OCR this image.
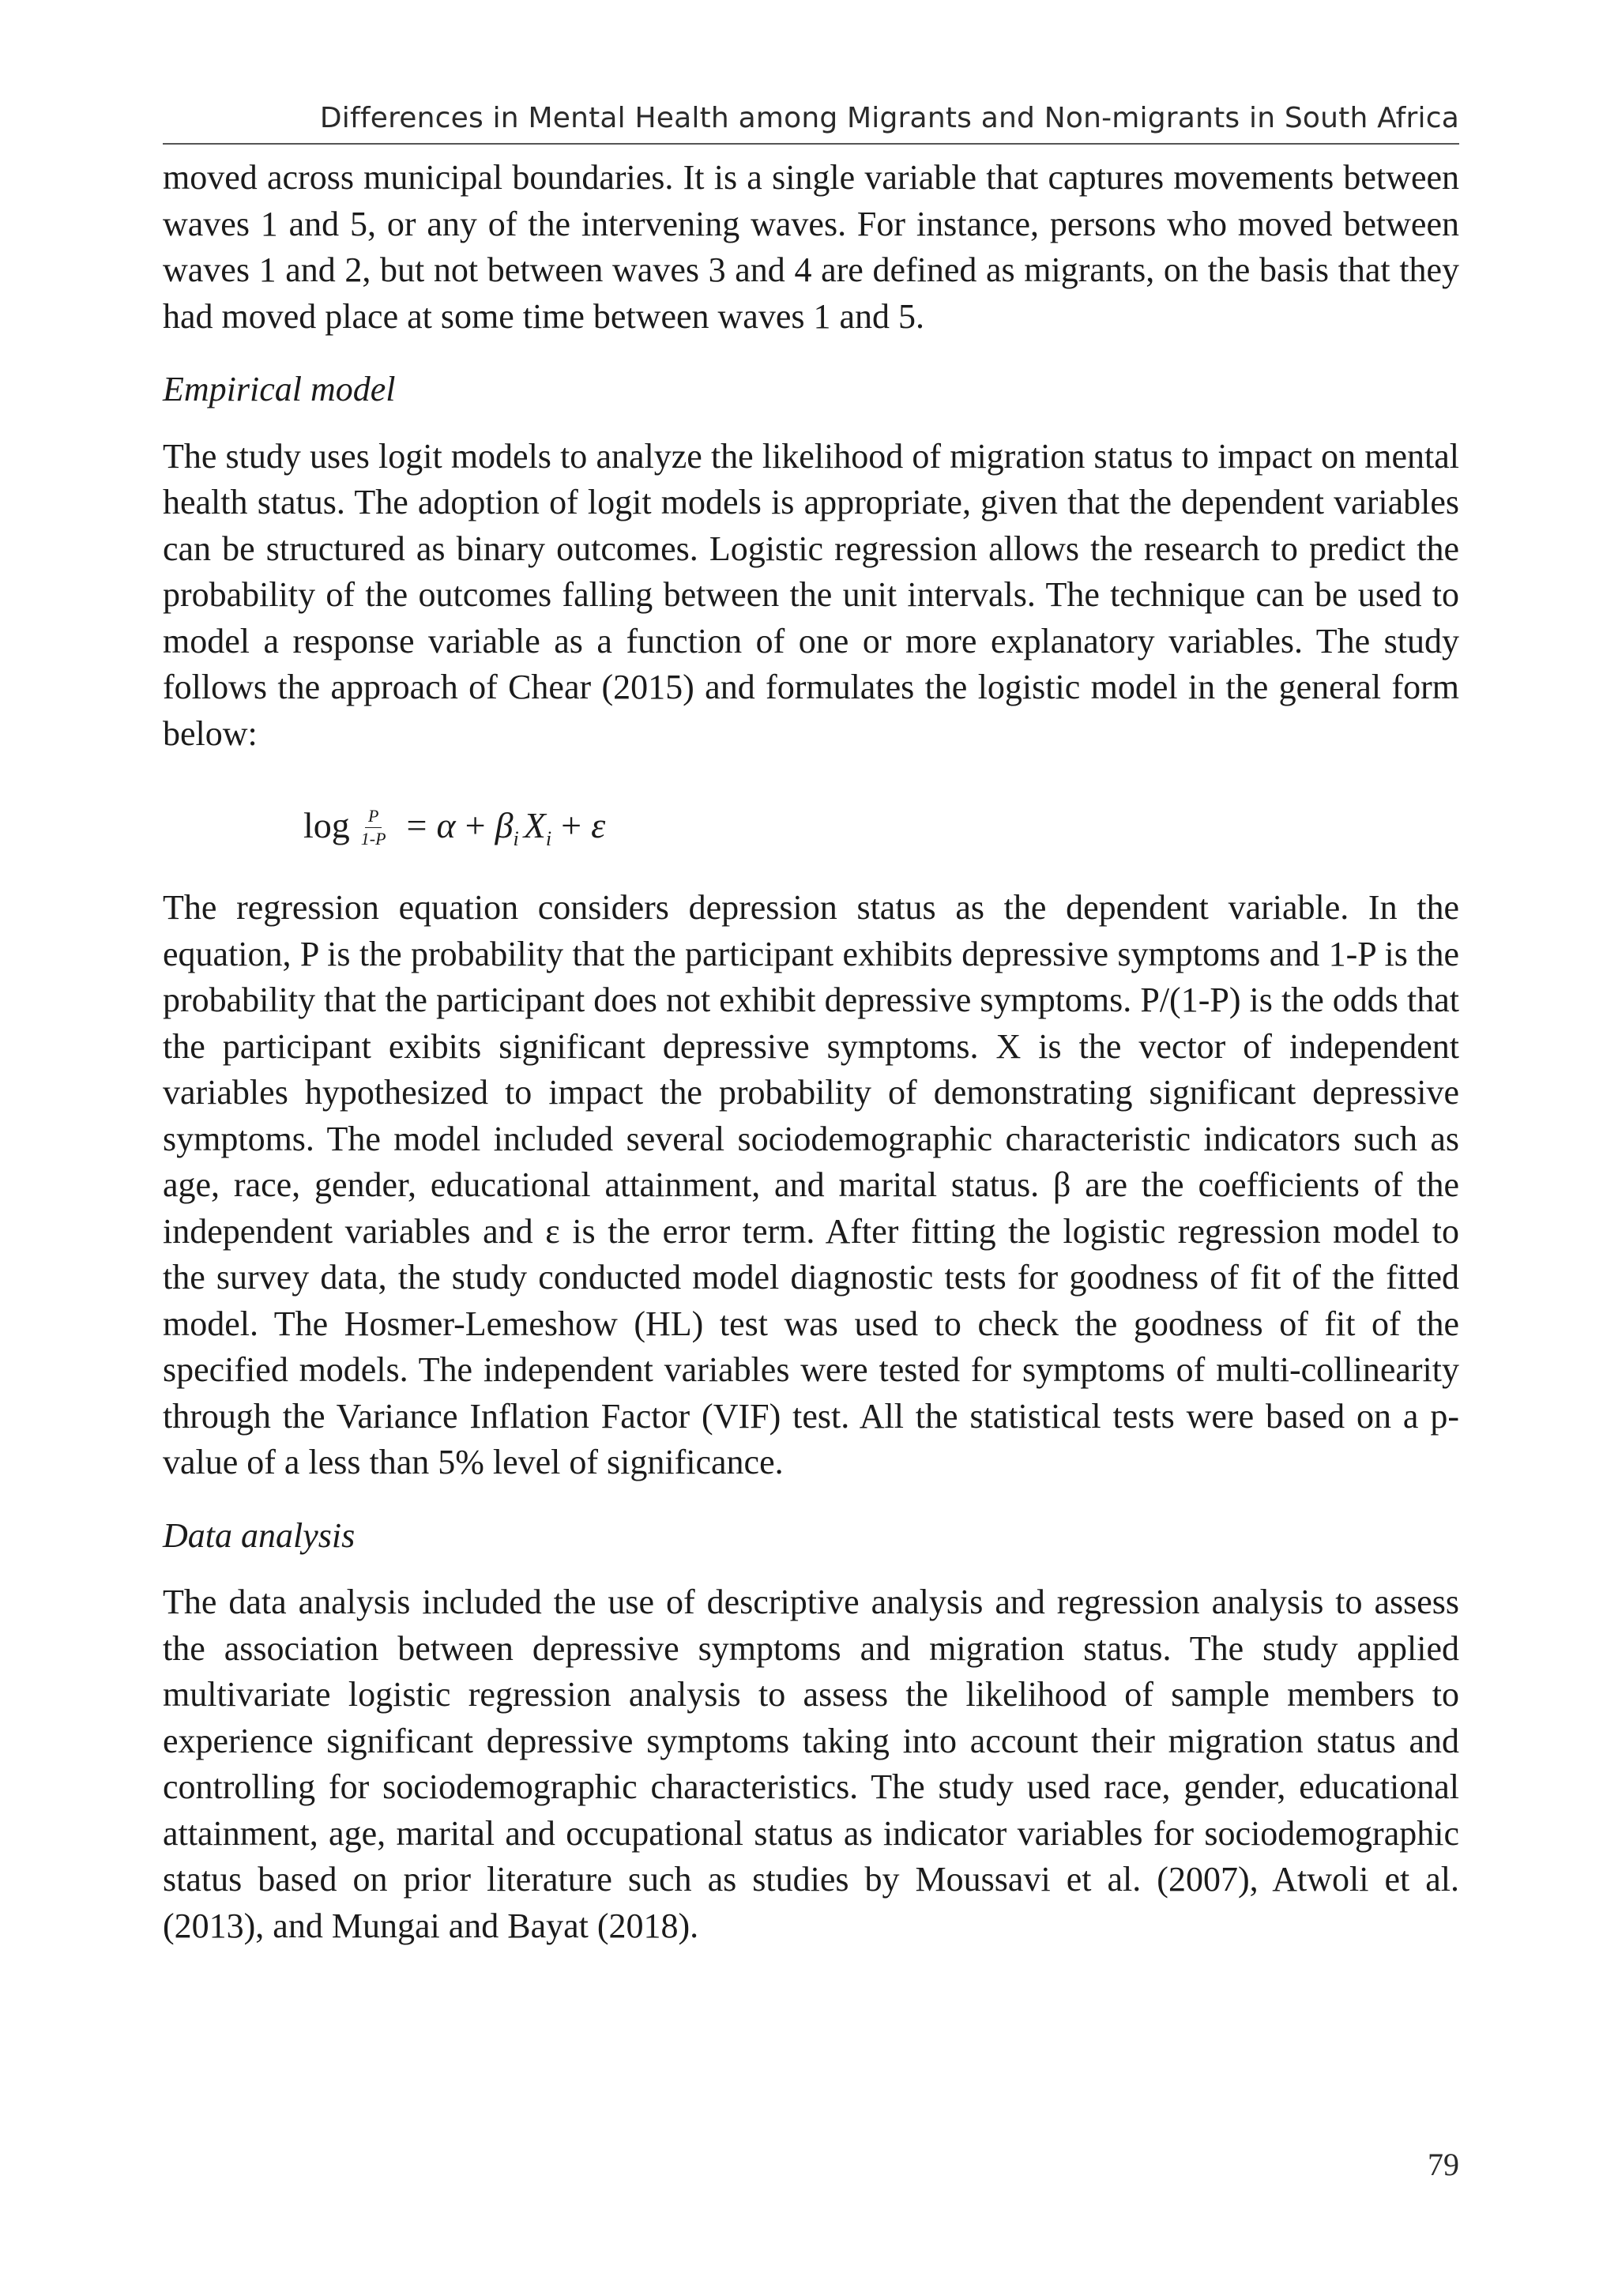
Differences in Mental Health among Migrants and Non-migrants in South Africa

moved across municipal boundaries. It is a single variable that captures movements between waves 1 and 5, or any of the intervening waves. For instance, persons who moved between waves 1 and 2, but not between waves 3 and 4 are defined as migrants, on the basis that they had moved place at some time between waves 1 and 5.

Empirical model

The study uses logit models to analyze the likelihood of migration status to impact on mental health status. The adoption of logit models is appropriate, given that the dependent variables can be structured as binary outcomes. Logistic regression allows the research to predict the probability of the outcomes falling between the unit intervals. The technique can be used to model a response variable as a function of one or more explanatory variables. The study follows the approach of Chear (2015) and formulates the logistic model in the general form below:

$\log \frac{P}{1-P} = \alpha + \beta_i$ $X_i + \varepsilon$

The regression equation considers depression status as the dependent variable. In the equation, P is the probability that the participant exhibits depressive symptoms and 1-P is the probability that the participant does not exhibit depressive symptoms. P/(1-P) is the odds that the participant exibits significant depressive symptoms. X is the vector of independent variables hypothesized to impact the probability of demonstrating significant depressive symptoms. The model included several sociodemographic characteristic indicators such as age, race, gender, educational attainment, and marital status. β are the coefficients of the independent variables and ε is the error term. After fitting the logistic regression model to the survey data, the study conducted model diagnostic tests for goodness of fit of the fitted model. The Hosmer-Lemeshow (HL) test was used to check the goodness of fit of the specified models. The independent variables were tested for symptoms of multi-collinearity through the Variance Inflation Factor (VIF) test. All the statistical tests were based on a p-value of a less than 5% level of significance.

Data analysis

The data analysis included the use of descriptive analysis and regression analysis to assess the association between depressive symptoms and migration status. The study applied multivariate logistic regression analysis to assess the likelihood of sample members to experience significant depressive symptoms taking into account their migration status and controlling for sociodemographic characteristics. The study used race, gender, educational attainment, age, marital and occupational status as indicator variables for sociodemographic status based on prior literature such as studies by Moussavi et al. (2007), Atwoli et al. (2013), and Mungai and Bayat (2018).

79
